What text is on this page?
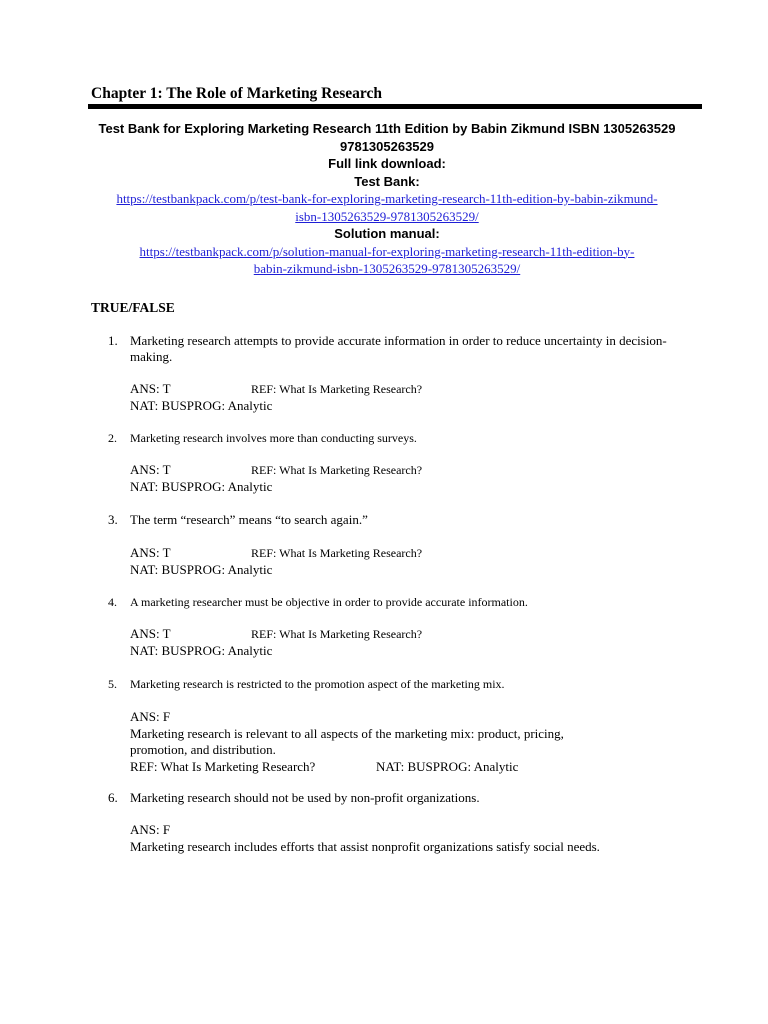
Chapter 1: The Role of Marketing Research
Test Bank for Exploring Marketing Research 11th Edition by Babin Zikmund ISBN 1305263529
9781305263529
Full link download:
Test Bank:
https://testbankpack.com/p/test-bank-for-exploring-marketing-research-11th-edition-by-babin-zikmund-
isbn-1305263529-9781305263529/
Solution manual:
https://testbankpack.com/p/solution-manual-for-exploring-marketing-research-11th-edition-by-
babin-zikmund-isbn-1305263529-9781305263529/
TRUE/FALSE
1. Marketing research attempts to provide accurate information in order to reduce uncertainty in decision-making.
ANS: T	REF: What Is Marketing Research?
NAT: BUSPROG: Analytic
2. Marketing research involves more than conducting surveys.
ANS: T	REF: What Is Marketing Research?
NAT: BUSPROG: Analytic
3. The term “research” means “to search again.”
ANS: T	REF: What Is Marketing Research?
NAT: BUSPROG: Analytic
4. A marketing researcher must be objective in order to provide accurate information.
ANS: T	REF: What Is Marketing Research?
NAT: BUSPROG: Analytic
5. Marketing research is restricted to the promotion aspect of the marketing mix.
ANS: F
Marketing research is relevant to all aspects of the marketing mix: product, pricing, promotion, and distribution.
REF: What Is Marketing Research?	NAT: BUSPROG: Analytic
6. Marketing research should not be used by non-profit organizations.
ANS: F
Marketing research includes efforts that assist nonprofit organizations satisfy social needs.
